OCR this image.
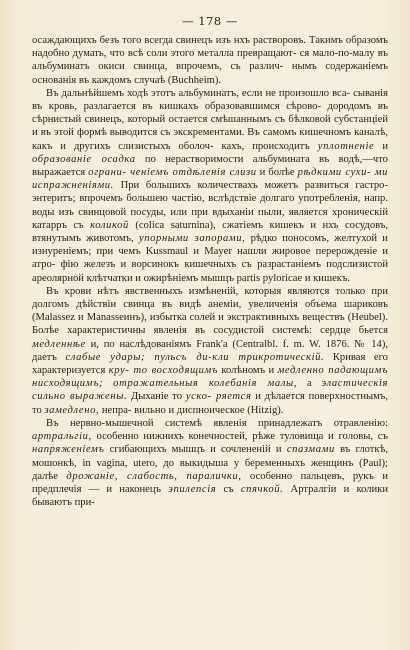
— 178 —

осаждающихъ безъ того всегда свинецъ изъ нхъ растворовъ. Такимъ образомъ надобно думать, что всѣ соли этого металла превращают- ся мало-по-малу въ альбуминатъ окиси свинца, впрочемъ, съ различ- нымъ содержаніемъ основанія въ каждомъ случаѣ (Buchheim).

Въ дальнѣйшемъ ходѣ этотъ альбуминатъ, если не произошло вса- сыванія въ кровь, разлагается въ кишкахъ образовавшимся сѣрово- дородомъ въ сѣрнистый свинецъ, который остается смѣшаннымъ съ бѣлковой субстанціей и въ этой формѣ выводится съ экскрементами. Въ самомъ кишечномъ каналѣ, какъ и другихъ слизистыхъ оболоч- кахъ, происходитъ уплотненіе и образованіе осадка по нерастворимости альбумината въ водѣ,—что выражается ограни- ченіемъ отдѣленія слизи и болѣе рѣдкими сухи- ми испражненіями. При большихъ количествахъ можетъ развиться гастро-энтеритъ; впрочемъ большею частію, вслѣдствіе долгаго употребленія, напр. воды изъ свинцовой посуды, или при вдыханіи пыли, является хроническій катарръ съ коликой (colica saturnina), сжатіемъ кишекъ и нхъ сосудовъ, втянутымъ животомъ, упорными запорами, рѣдко поносомъ, желтухой и изнуреніемъ; при чемъ Kussmaul и Mayer нашли жировое перерожденіе и атро- фію железъ и ворсинокъ кишечныхъ съ разрастаніемъ подслизистой ареолярной клѣтчатки и ожирѣніемъ мышцъ partis pyloricae и кишекъ.

Въ крови нѣтъ явственныхъ измѣненій, которыя являются только при долгомъ дѣйствіи свинца въ видѣ анеміи, увеличенія объема шариковъ (Malassez и Manasseинъ), избытка солей и экстрактивныхъ веществъ (Heubel). Болѣе характеристичны явленія въ сосудистой системѣ: сердце бьется медленнѣе и, по наслѣдованіямъ Frank'a (Centralbl. f. m. W. 1876. № 14), даетъ слабые удары; пульсъ ди-кли трикротическій. Кривая его характеризуется кру- то восходящимъ колѣномъ и медленно падающимъ нисходящимъ; отражательныя колебанія малы, а эластическія сильно выражены. Дыханіе то уско- ряется и дѣлается поверхностнымъ, то замедлено, непра- вильно и диспноическое (Hitzig).

Въ нервно-мышечной системѣ явленія принадлежатъ отравленію: артральгіи, особенно нижнихъ конечностей, рѣже туловища и головы, съ напряженіемъ сгибающихъ мышцъ и сочлененій и спазмами въ глоткѣ, мошонкѣ, in vagina, utero, до выкидыша у беременныхъ женщинъ (Paul); далѣе дрожаніе, слабость, паралички, особенно пальцевъ, рукъ и предплечія — и наконецъ эпилепсія съ спячкой. Артралгіи и колики бываютъ при-
